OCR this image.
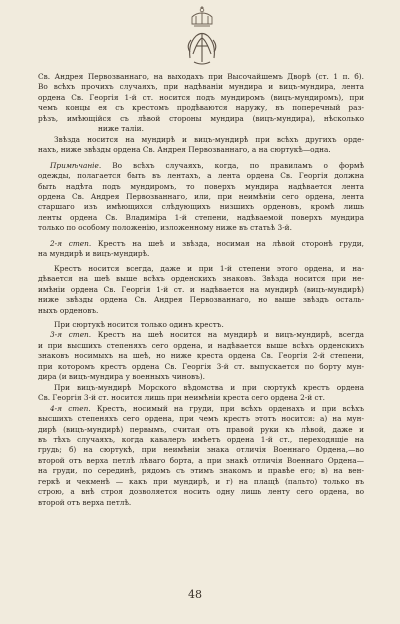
Св. Андрея Первозваннаго, на выходахъ при Высочайшемъ Дворѣ (ст. 1 п. б).
Во всѣхъ прочихъ случаяхъ, при надѣваніи мундира и вицъ-мундира, лента
ордена Св. Георгія 1-й ст. носится подъ мундиромъ (вицъ-мундиромъ), при
чемъ концы ея съ крестомъ продѣваются наружу, въ поперечный раз-
рѣзъ, имѣющійся съ лѣвой стороны мундира (вицъ-мундира), нѣсколько
ниже таліи.
Звѣзда носится на мундирѣ и вицъ-мундирѣ при всѣхъ другихъ орде-
нахъ, ниже звѣзды ордена Св. Андрея Первозваннаго, а на сюртукѣ—одна.
Примѣчаніе. Во всѣхъ случаяхъ, когда, по правиламъ о формѣ
одежды, полагается быть въ лентахъ, а лента ордена Св. Георгія должна
быть надѣта подъ мундиромъ, то поверхъ мундира надѣвается лента
ордена Св. Андрея Первозваннаго, или, при неимѣніи сего ордена, лента
старшаго изъ имѣющихся слѣдующихъ низшихъ орденовъ, кромѣ лишь
ленты ордена Св. Владиміра 1-й степени, надѣваемой поверхъ мундира
только по особому положенію, изложенному ниже въ статьѣ 3-й.
2-я степ. Крестъ на шеѣ и звѣзда, носимая на лѣвой сторонѣ груди,
на мундирѣ и вицъ-мундирѣ.
Крестъ носится всегда, даже и при 1-й степени этого ордена, и на-
дѣвается на шеѣ выше всѣхъ орденскихъ знаковъ. Звѣзда носится при не-
имѣніи ордена Св. Георгія 1-й ст. и надѣвается на мундирѣ (вицъ-мундирѣ)
ниже звѣзды ордена Св. Андрея Первозваннаго, но выше звѣздъ осталь-
ныхъ орденовъ.
При сюртукѣ носится только одинъ крестъ.
3-я степ. Крестъ на шеѣ носится на мундирѣ и вицъ-мундирѣ, всегда
и при высшихъ степеняхъ сего ордена, и надѣвается выше всѣхъ орденскихъ
знаковъ носимыхъ на шеѣ, но ниже креста ордена Св. Георгія 2-й степени,
при которомъ крестъ ордена Св. Георгія 3-й ст. выпускается по борту мун-
дира (и вицъ-мундира у военныхъ чиновъ).
При вицъ-мундирѣ Морского вѣдомства и при сюртукѣ крестъ ордена
Св. Георгія 3-й ст. носится лишь при неимѣніи креста сего ордена 2-й ст.
4-я степ. Крестъ, носимый на груди, при всѣхъ орденахъ и при всѣхъ
высшихъ степеняхъ сего ордена, при чемъ крестъ этотъ носится: а) на мун-
дирѣ (вицъ-мундирѣ) первымъ, считая отъ правой руки къ лѣвой, даже и
въ тѣхъ случаяхъ, когда кавалеръ имѣетъ ордена 1-й ст., переходящіе на
грудь; б) на сюртукѣ, при неимѣніи знака отличія Военнаго Ордена,—во
второй отъ верха петлѣ лѣваго борта, а при знакѣ отличія Военнаго Ордена—
на груди, по серединѣ, рядомъ съ этимъ знакомъ и правѣе его; в) на вен-
геркѣ и чекменѣ — какъ при мундирѣ, и г) на плащѣ (пальто) только въ
строю, а внѣ строя дозволяется носить одну лишь ленту сего ордена, во
второй отъ верха петлѣ.
48
